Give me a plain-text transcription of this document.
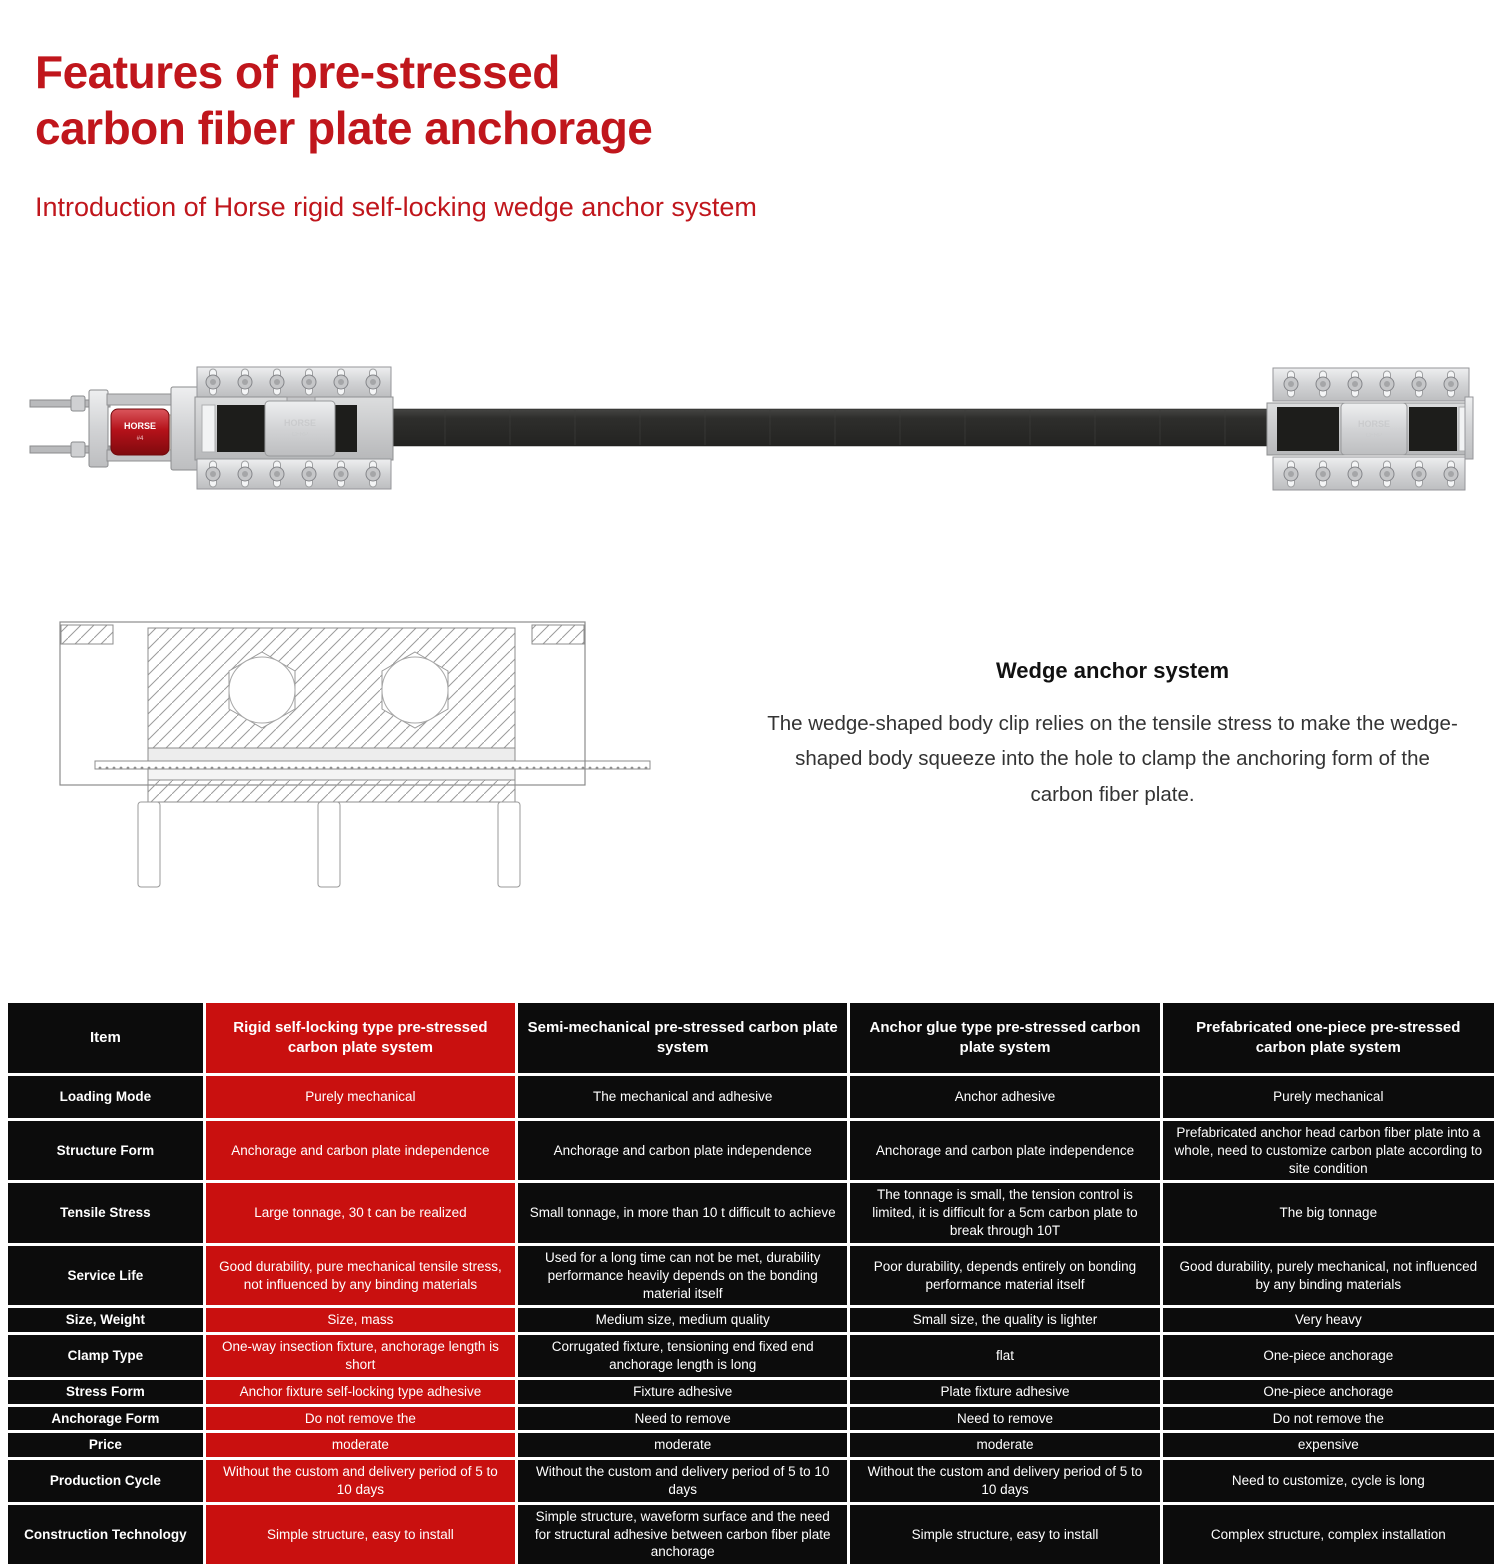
Features of pre-stressed
carbon fiber plate anchorage
Introduction of Horse rigid self-locking wedge anchor system
HORSE
#4
HORSE
CFRP
HORSE
CFRP
Wedge anchor system

The wedge-shaped body clip relies on the tensile stress to make the wedge-shaped body squeeze into the hole to clamp the anchoring form of the carbon fiber plate.

Item	Rigid self-locking type pre-stressed carbon plate system	Semi-mechanical pre-stressed carbon plate system	Anchor glue type pre-stressed carbon plate system	Prefabricated one-piece pre-stressed carbon plate system
Loading Mode	Purely mechanical	The mechanical and adhesive	Anchor adhesive	Purely mechanical
Structure Form	Anchorage and carbon plate independence	Anchorage and carbon plate independence	Anchorage and carbon plate independence	Prefabricated anchor head carbon fiber plate into a whole, need to customize carbon plate according to site condition
Tensile Stress	Large tonnage, 30 t can be realized	Small tonnage, in more than 10 t difficult to achieve	The tonnage is small, the tension control is limited, it is difficult for a 5cm carbon plate to break through 10T	The big tonnage
Service Life	Good durability, pure mechanical tensile stress, not influenced by any binding materials	Used for a long time can not be met, durability performance heavily depends on the bonding material itself	Poor durability, depends entirely on bonding performance material itself	Good durability, purely mechanical, not influenced by any binding materials
Size, Weight	Size, mass	Medium size, medium quality	Small size, the quality is lighter	Very heavy
Clamp Type	One-way insection fixture, anchorage length is short	Corrugated fixture, tensioning end fixed end anchorage length is long	flat	One-piece anchorage
Stress Form	Anchor fixture self-locking type adhesive	Fixture adhesive	Plate fixture adhesive	One-piece anchorage
Anchorage Form	Do not remove the	Need to remove	Need to remove	Do not remove the
Price	moderate	moderate	moderate	expensive
Production Cycle	Without the custom and delivery period of 5 to 10 days	Without the custom and delivery period of 5 to 10 days	Without the custom and delivery period of 5 to 10 days	Need to customize, cycle is long
Construction Technology	Simple structure, easy to install	Simple structure, waveform surface and the need for structural adhesive between carbon fiber plate anchorage	Simple structure, easy to install	Complex structure, complex installation
